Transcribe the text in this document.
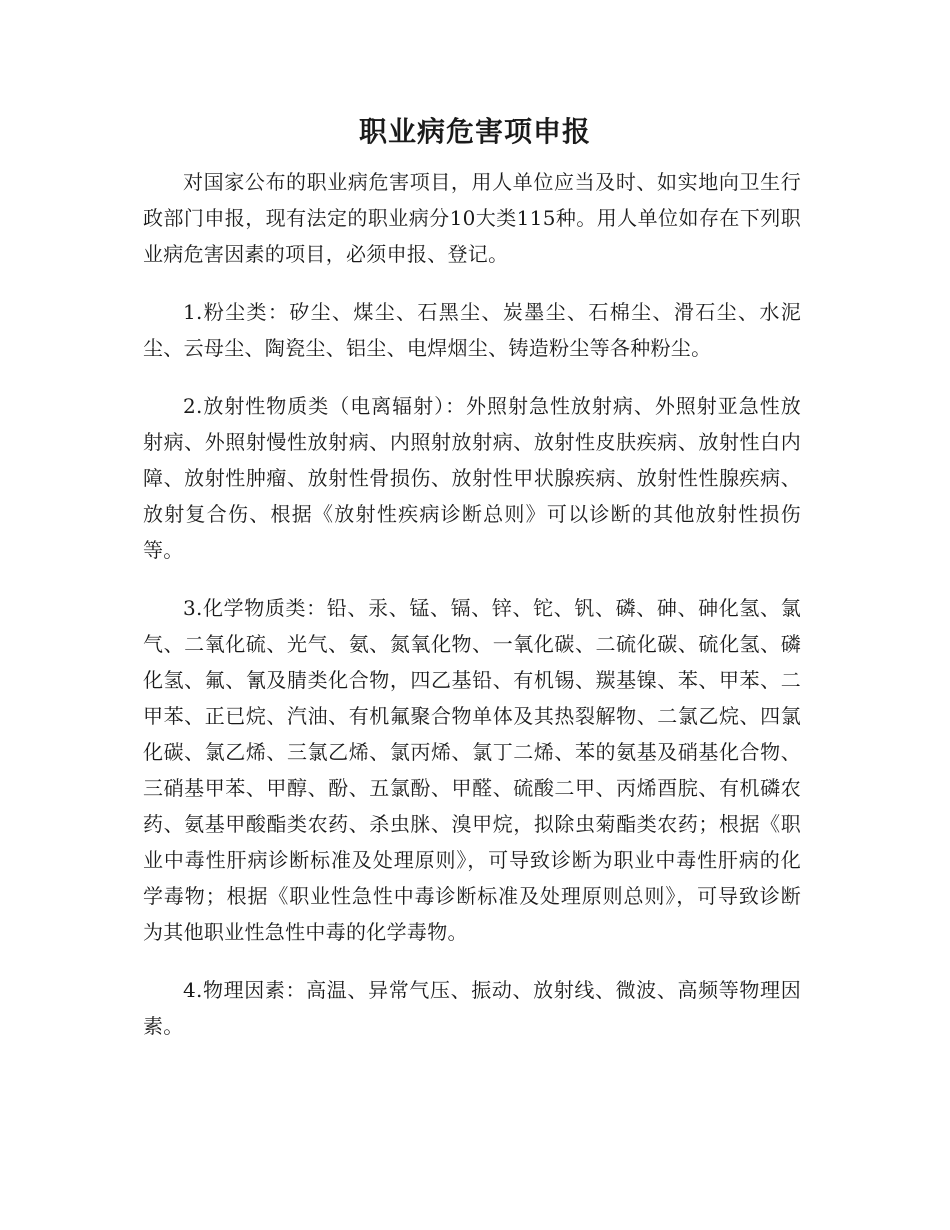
职业病危害项申报

对国家公布的职业病危害项目，用人单位应当及时、如实地向卫生行政部门申报，现有法定的职业病分10大类115种。用人单位如存在下列职业病危害因素的项目，必须申报、登记。

1.粉尘类：矽尘、煤尘、石黑尘、炭墨尘、石棉尘、滑石尘、水泥尘、云母尘、陶瓷尘、铝尘、电焊烟尘、铸造粉尘等各种粉尘。

2.放射性物质类（电离辐射）：外照射急性放射病、外照射亚急性放射病、外照射慢性放射病、内照射放射病、放射性皮肤疾病、放射性白内障、放射性肿瘤、放射性骨损伤、放射性甲状腺疾病、放射性性腺疾病、放射复合伤、根据《放射性疾病诊断总则》可以诊断的其他放射性损伤等。

3.化学物质类：铅、汞、锰、镉、锌、铊、钒、磷、砷、砷化氢、氯气、二氧化硫、光气、氨、氮氧化物、一氧化碳、二硫化碳、硫化氢、磷化氢、氟、氰及腈类化合物，四乙基铅、有机锡、羰基镍、苯、甲苯、二甲苯、正已烷、汽油、有机氟聚合物单体及其热裂解物、二氯乙烷、四氯化碳、氯乙烯、三氯乙烯、氯丙烯、氯丁二烯、苯的氨基及硝基化合物、三硝基甲苯、甲醇、酚、五氯酚、甲醛、硫酸二甲、丙烯酉脘、有机磷农药、氨基甲酸酯类农药、杀虫脒、溴甲烷，拟除虫菊酯类农药；根据《职业中毒性肝病诊断标准及处理原则》，可导致诊断为职业中毒性肝病的化学毒物；根据《职业性急性中毒诊断标准及处理原则总则》，可导致诊断为其他职业性急性中毒的化学毒物。

4.物理因素：高温、异常气压、振动、放射线、微波、高频等物理因素。
